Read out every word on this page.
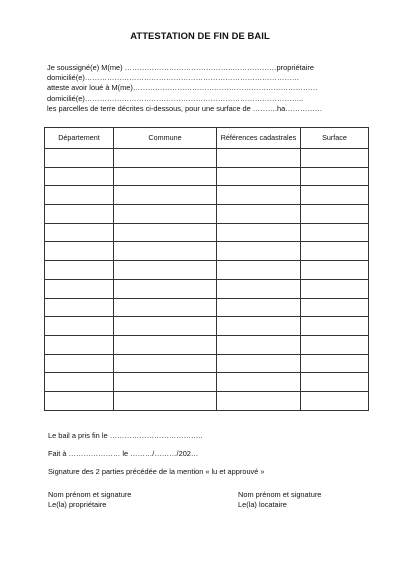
ATTESTATION DE FIN DE BAIL
Je soussigné(e) M(me) ……………………………………..………………propriétaire
domicilié(e)……………………………………………………………………………
atteste avoir loué à M(me)…………………………………………………………………
domicilié(e)……………………………………………………………………………..
les parcelles de terre décrites ci-dessous, pour une surface de ……….ha……………
Département	Commune	Références cadastrales	Surface

Le bail a pris fin le ………………………………..
Fait à ………………… le ………/………/202…
Signature des 2 parties précédée de la mention « lu et approuvé »
Nom prénom et signature
Le(la) propriétaire
Nom prénom et signature
Le(la) locataire
